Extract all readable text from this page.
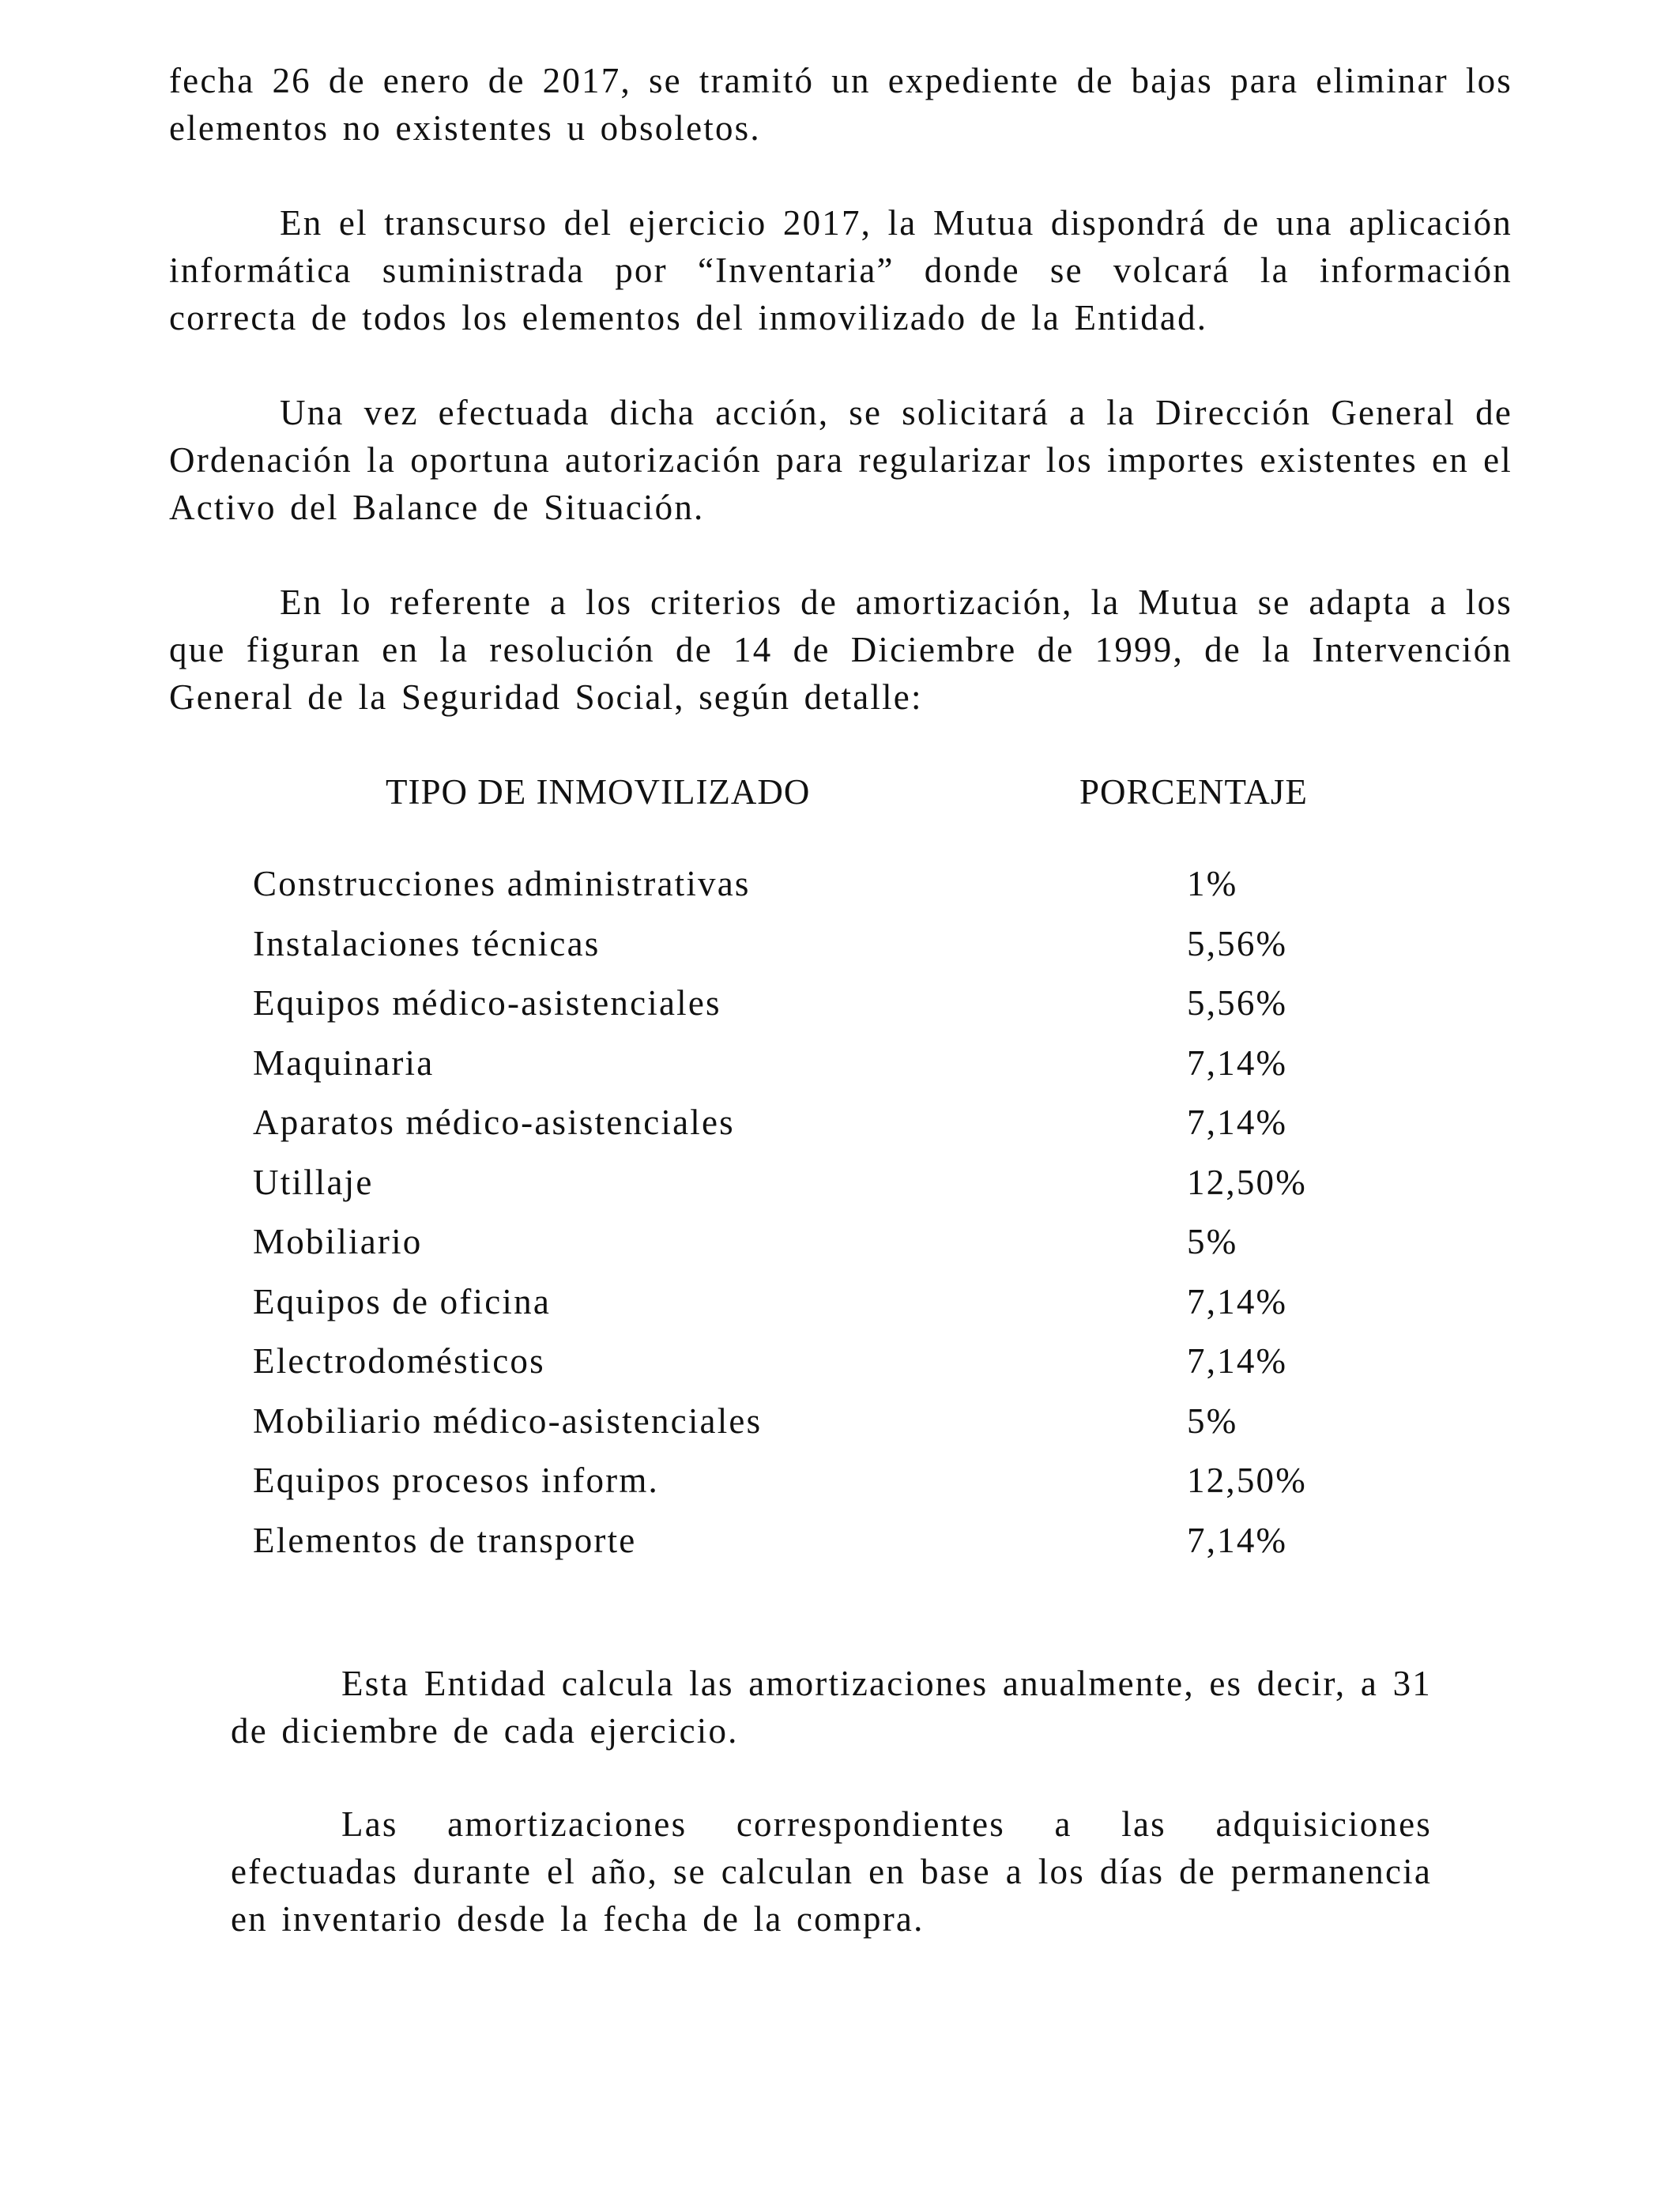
fecha 26 de enero de 2017, se tramitó un expediente de bajas para eliminar los elementos no existentes u obsoletos.

En el transcurso del ejercicio 2017, la Mutua dispondrá de una aplicación informática suministrada por “Inventaria” donde se volcará la información correcta de todos los elementos del inmovilizado de la Entidad.

Una vez efectuada dicha acción, se solicitará a la Dirección General de Ordenación la oportuna autorización para regularizar los importes existentes en el Activo del Balance de Situación.

En lo referente a los criterios de amortización, la Mutua se adapta a los que figuran en la resolución de 14 de Diciembre de 1999, de la Intervención General de la Seguridad Social, según detalle:

TIPO DE INMOVILIZADO	PORCENTAJE
Construcciones administrativas	1%
Instalaciones técnicas	5,56%
Equipos médico-asistenciales	5,56%
Maquinaria	7,14%
Aparatos médico-asistenciales	7,14%
Utillaje	12,50%
Mobiliario	5%
Equipos de oficina	7,14%
Electrodomésticos	7,14%
Mobiliario médico-asistenciales	5%
Equipos procesos inform.	12,50%
Elementos de transporte	7,14%

Esta Entidad calcula las amortizaciones anualmente, es decir, a 31 de diciembre de cada ejercicio.

Las amortizaciones correspondientes a las adquisiciones efectuadas durante el año, se calculan en base a los días de permanencia en inventario desde la fecha de la compra.
